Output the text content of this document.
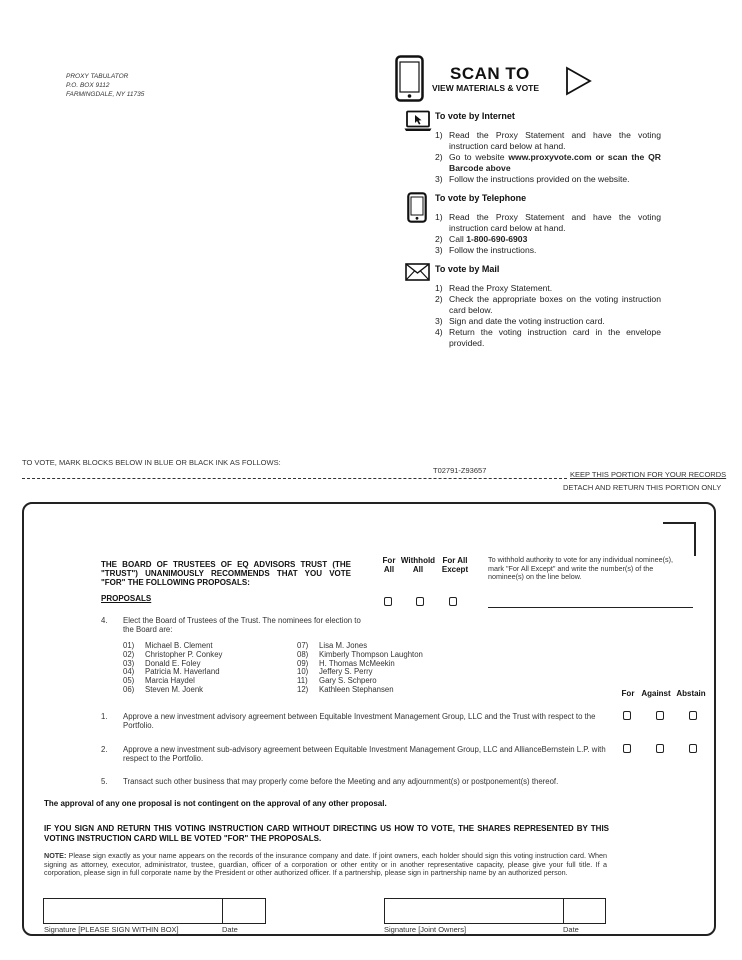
PROXY TABULATOR
P.O. BOX 9112
FARMINGDALE, NY 11735
SCAN TO
VIEW MATERIALS & VOTE
To vote by Internet
1) Read the Proxy Statement and have the voting instruction card below at hand.
2) Go to website www.proxyvote.com or scan the QR Barcode above
3) Follow the instructions provided on the website.
To vote by Telephone
1) Read the Proxy Statement and have the voting instruction card below at hand.
2) Call 1-800-690-6903
3) Follow the instructions.
To vote by Mail
1) Read the Proxy Statement.
2) Check the appropriate boxes on the voting instruction card below.
3) Sign and date the voting instruction card.
4) Return the voting instruction card in the envelope provided.
TO VOTE, MARK BLOCKS BELOW IN BLUE OR BLACK INK AS FOLLOWS:
T02791-Z93657	KEEP THIS PORTION FOR YOUR RECORDS
DETACH AND RETURN THIS PORTION ONLY
THE BOARD OF TRUSTEES OF EQ ADVISORS TRUST (THE "TRUST") UNANIMOUSLY RECOMMENDS THAT YOU VOTE "FOR" THE FOLLOWING PROPOSALS:
For All
Withhold All
For All Except
To withhold authority to vote for any individual nominee(s), mark "For All Except" and write the number(s) of the nominee(s) on the line below.
PROPOSALS
4. Elect the Board of Trustees of the Trust. The nominees for election to the Board are:
01)	Michael B. Clement
02)	Christopher P. Conkey
03)	Donald E. Foley
04)	Patricia M. Haverland
05)	Marcia Haydel
06)	Steven M. Joenk
07)	Lisa M. Jones
08)	Kimberly Thompson Laughton
09)	H. Thomas McMeekin
10)	Jeffery S. Perry
11)	Gary S. Schpero
12)	Kathleen Stephansen	For Against Abstain
1. Approve a new investment advisory agreement between Equitable Investment Management Group, LLC and the Trust with respect to the Portfolio.
2. Approve a new investment sub-advisory agreement between Equitable Investment Management Group, LLC and AllianceBernstein L.P. with respect to the Portfolio.
5. Transact such other business that may properly come before the Meeting and any adjournment(s) or postponement(s) thereof.
The approval of any one proposal is not contingent on the approval of any other proposal.
IF YOU SIGN AND RETURN THIS VOTING INSTRUCTION CARD WITHOUT DIRECTING US HOW TO VOTE, THE SHARES REPRESENTED BY THIS VOTING INSTRUCTION CARD WILL BE VOTED "FOR" THE PROPOSALS.
NOTE: Please sign exactly as your name appears on the records of the insurance company and date. If joint owners, each holder should sign this voting instruction card. When signing as attorney, executor, administrator, trustee, guardian, officer of a corporation or other entity or in another representative capacity, please give your full title. If a corporation, please sign in full corporate name by the President or other authorized officer. If a partnership, please sign in partnership name by an authorized person.
Signature [PLEASE SIGN WITHIN BOX]	Date	Signature [Joint Owners]	Date
